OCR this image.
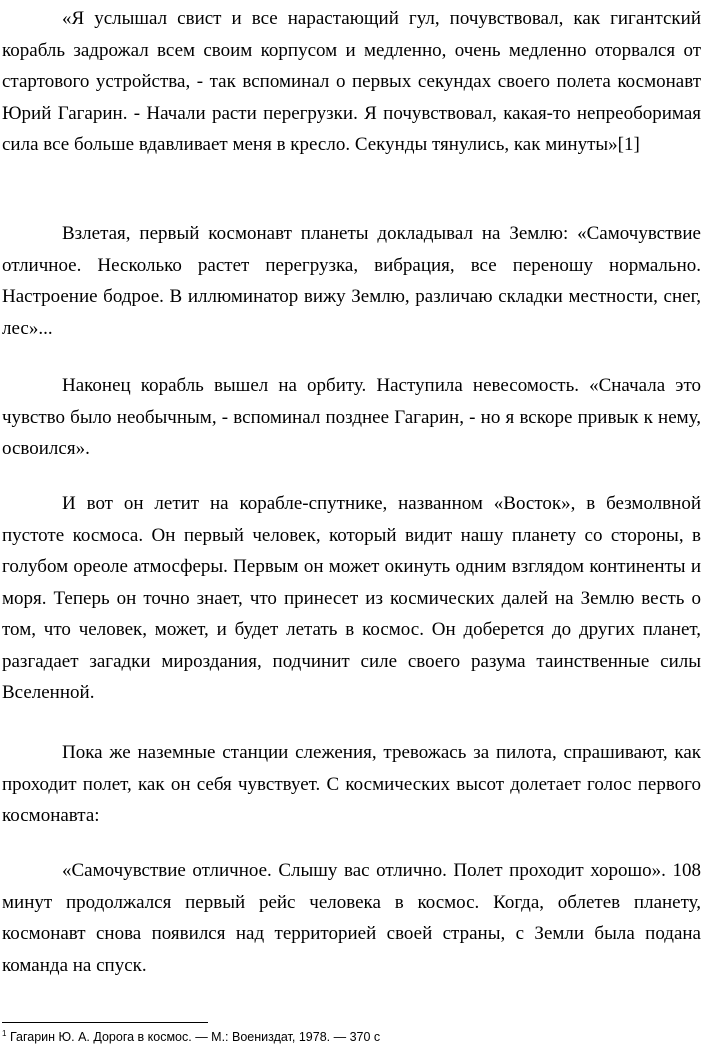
«Я услышал свист и все нарастающий гул, почувствовал, как гигантский корабль задрожал всем своим корпусом и медленно, очень медленно оторвался от стартового устройства, - так вспоминал о первых секундах своего полета космонавт Юрий Гагарин. - Начали расти перегрузки. Я почувствовал, какая-то непреоборимая сила все больше вдавливает меня в кресло. Секунды тянулись, как минуты»[1]

Взлетая, первый космонавт планеты докладывал на Землю: «Самочувствие отличное. Несколько растет перегрузка, вибрация, все переношу нормально. Настроение бодрое. В иллюминатор вижу Землю, различаю складки местности, снег, лес»...

Наконец корабль вышел на орбиту. Наступила невесомость. «Сначала это чувство было необычным, - вспоминал позднее Гагарин, - но я вскоре привык к нему, освоился».

И вот он летит на корабле-спутнике, названном «Восток», в безмолвной пустоте космоса. Он первый человек, который видит нашу планету со стороны, в голубом ореоле атмосферы. Первым он может окинуть одним взглядом континенты и моря. Теперь он точно знает, что принесет из космических далей на Землю весть о том, что человек, может, и будет летать в космос. Он доберется до других планет, разгадает загадки мироздания, подчинит силе своего разума таинственные силы Вселенной.

Пока же наземные станции слежения, тревожась за пилота, спрашивают, как проходит полет, как он себя чувствует. С космических высот долетает голос первого космонавта:

«Самочувствие отличное. Слышу вас отлично. Полет проходит хорошо». 108 минут продолжался первый рейс человека в космос. Когда, облетев планету, космонавт снова появился над территорией своей страны, с Земли была подана команда на спуск.

$^1$ Гагарин Ю. А. Дорога в космос. — М.: Воениздат, 1978. — 370 с
